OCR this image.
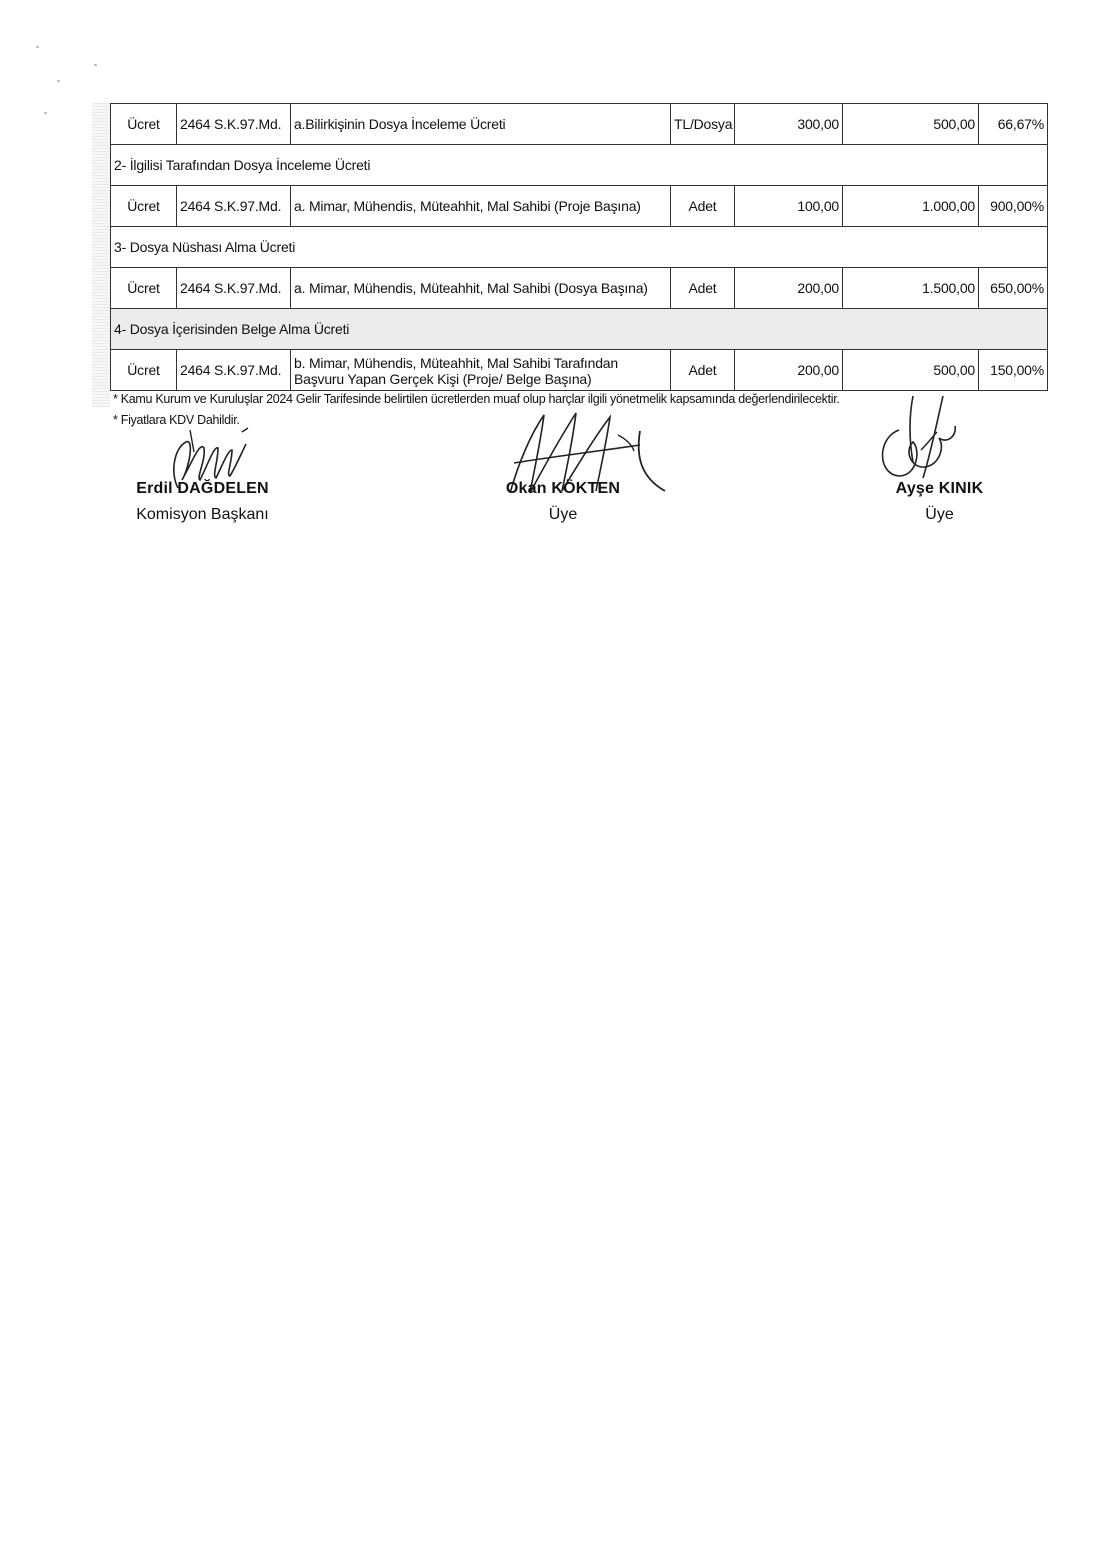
Ücret	2464 S.K.97.Md.	a.Bilirkişinin Dosya İnceleme Ücreti	TL/Dosya	300,00	500,00	66,67%
2- İlgilisi Tarafından Dosya İnceleme Ücreti						
Ücret	2464 S.K.97.Md.	a. Mimar, Mühendis, Müteahhit, Mal Sahibi (Proje Başına)	Adet	100,00	1.000,00	900,00%
3- Dosya Nüshası Alma Ücreti						
Ücret	2464 S.K.97.Md.	a. Mimar, Mühendis, Müteahhit, Mal Sahibi (Dosya Başına)	Adet	200,00	1.500,00	650,00%
4- Dosya İçerisinden Belge Alma Ücreti						
Ücret	2464 S.K.97.Md.	b. Mimar, Mühendis, Müteahhit, Mal Sahibi Tarafından Başvuru Yapan Gerçek Kişi (Proje/ Belge Başına)	Adet	200,00	500,00	150,00%
* Kamu Kurum ve Kuruluşlar 2024 Gelir Tarifesinde belirtilen ücretlerden muaf olup harçlar ilgili yönetmelik kapsamında değerlendirilecektir.
* Fiyatlara KDV Dahildir.
Erdil DAĞDELEN
Komisyon Başkanı
Okan KÖKTEN
Üye
Ayşe KINIK
Üye
